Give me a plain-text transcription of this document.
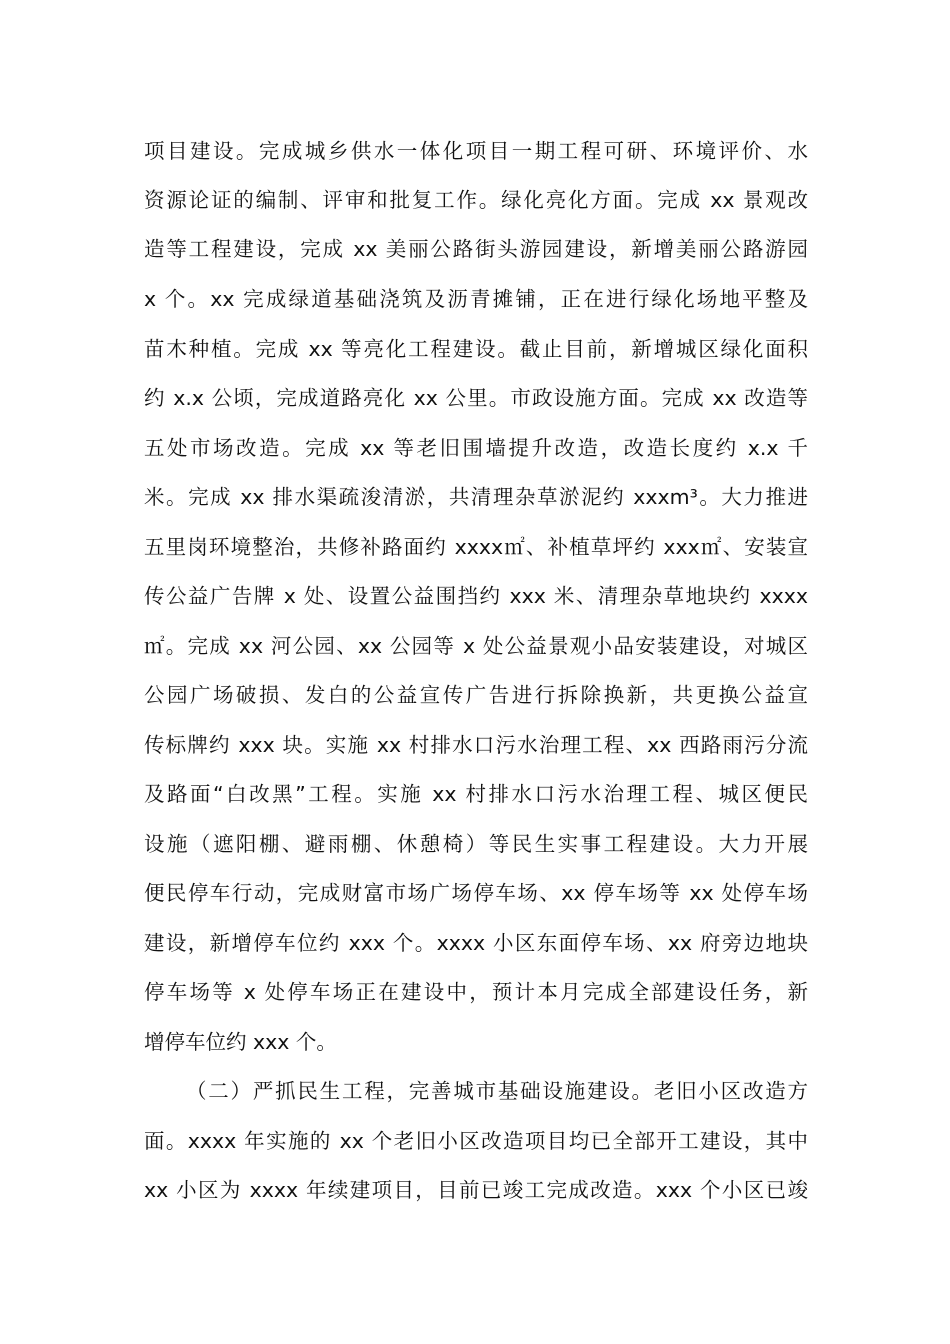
项目建设。完成城乡供水一体化项目一期工程可研、环境评价、水
资源论证的编制、评审和批复工作。绿化亮化方面。完成 xx 景观改
造等工程建设，完成 xx 美丽公路街头游园建设，新增美丽公路游园
x 个。xx 完成绿道基础浇筑及沥青摊铺，正在进行绿化场地平整及
苗木种植。完成 xx 等亮化工程建设。截止目前，新增城区绿化面积
约 x.x 公顷，完成道路亮化 xx 公里。市政设施方面。完成 xx 改造等
五处市场改造。完成 xx 等老旧围墙提升改造，改造长度约 x.x 千
米。完成 xx 排水渠疏浚清淤，共清理杂草淤泥约 xxxm³。大力推进
五里岗环境整治，共修补路面约 xxxx㎡、补植草坪约 xxx㎡、安装宣
传公益广告牌 x 处、设置公益围挡约 xxx 米、清理杂草地块约 xxxx
㎡。完成 xx 河公园、xx 公园等 x 处公益景观小品安装建设，对城区
公园广场破损、发白的公益宣传广告进行拆除换新，共更换公益宣
传标牌约 xxx 块。实施 xx 村排水口污水治理工程、xx 西路雨污分流
及路面“白改黑”工程。实施 xx 村排水口污水治理工程、城区便民
设施（遮阳棚、避雨棚、休憩椅）等民生实事工程建设。大力开展
便民停车行动，完成财富市场广场停车场、xx 停车场等 xx 处停车场
建设，新增停车位约 xxx 个。xxxx 小区东面停车场、xx 府旁边地块
停车场等 x 处停车场正在建设中，预计本月完成全部建设任务，新
增停车位约 xxx 个。
（二）严抓民生工程，完善城市基础设施建设。老旧小区改造方
面。xxxx 年实施的 xx 个老旧小区改造项目均已全部开工建设，其中
xx 小区为 xxxx 年续建项目，目前已竣工完成改造。xxx 个小区已竣
